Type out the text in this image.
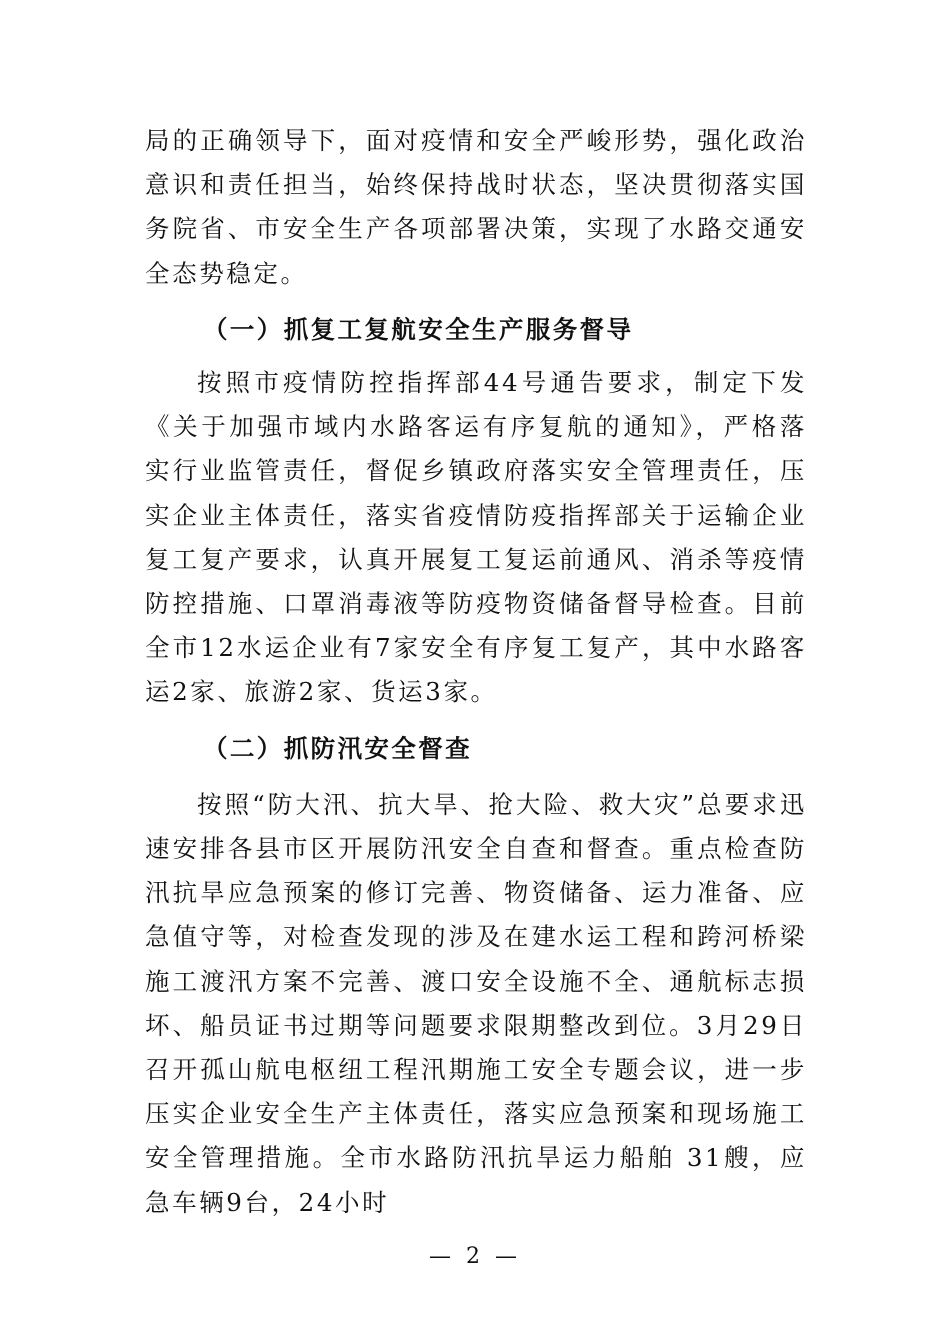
局的正确领导下，面对疫情和安全严峻形势，强化政治意识和责任担当，始终保持战时状态，坚决贯彻落实国务院省、市安全生产各项部署决策，实现了水路交通安全态势稳定。

（一）抓复工复航安全生产服务督导

按照市疫情防控指挥部44号通告要求，制定下发《关于加强市域内水路客运有序复航的通知》，严格落实行业监管责任，督促乡镇政府落实安全管理责任，压实企业主体责任，落实省疫情防疫指挥部关于运输企业复工复产要求，认真开展复工复运前通风、消杀等疫情防控措施、口罩消毒液等防疫物资储备督导检查。目前全市12水运企业有7家安全有序复工复产，其中水路客运2家、旅游2家、货运3家。

（二）抓防汛安全督查

按照“防大汛、抗大旱、抢大险、救大灾”总要求迅速安排各县市区开展防汛安全自查和督查。重点检查防汛抗旱应急预案的修订完善、物资储备、运力准备、应急值守等，对检查发现的涉及在建水运工程和跨河桥梁施工渡汛方案不完善、渡口安全设施不全、通航标志损坏、船员证书过期等问题要求限期整改到位。3月29日召开孤山航电枢纽工程汛期施工安全专题会议，进一步压实企业安全生产主体责任，落实应急预案和现场施工安全管理措施。全市水路防汛抗旱运力船舶 31艘，应急车辆9台，24小时

— 2 —
